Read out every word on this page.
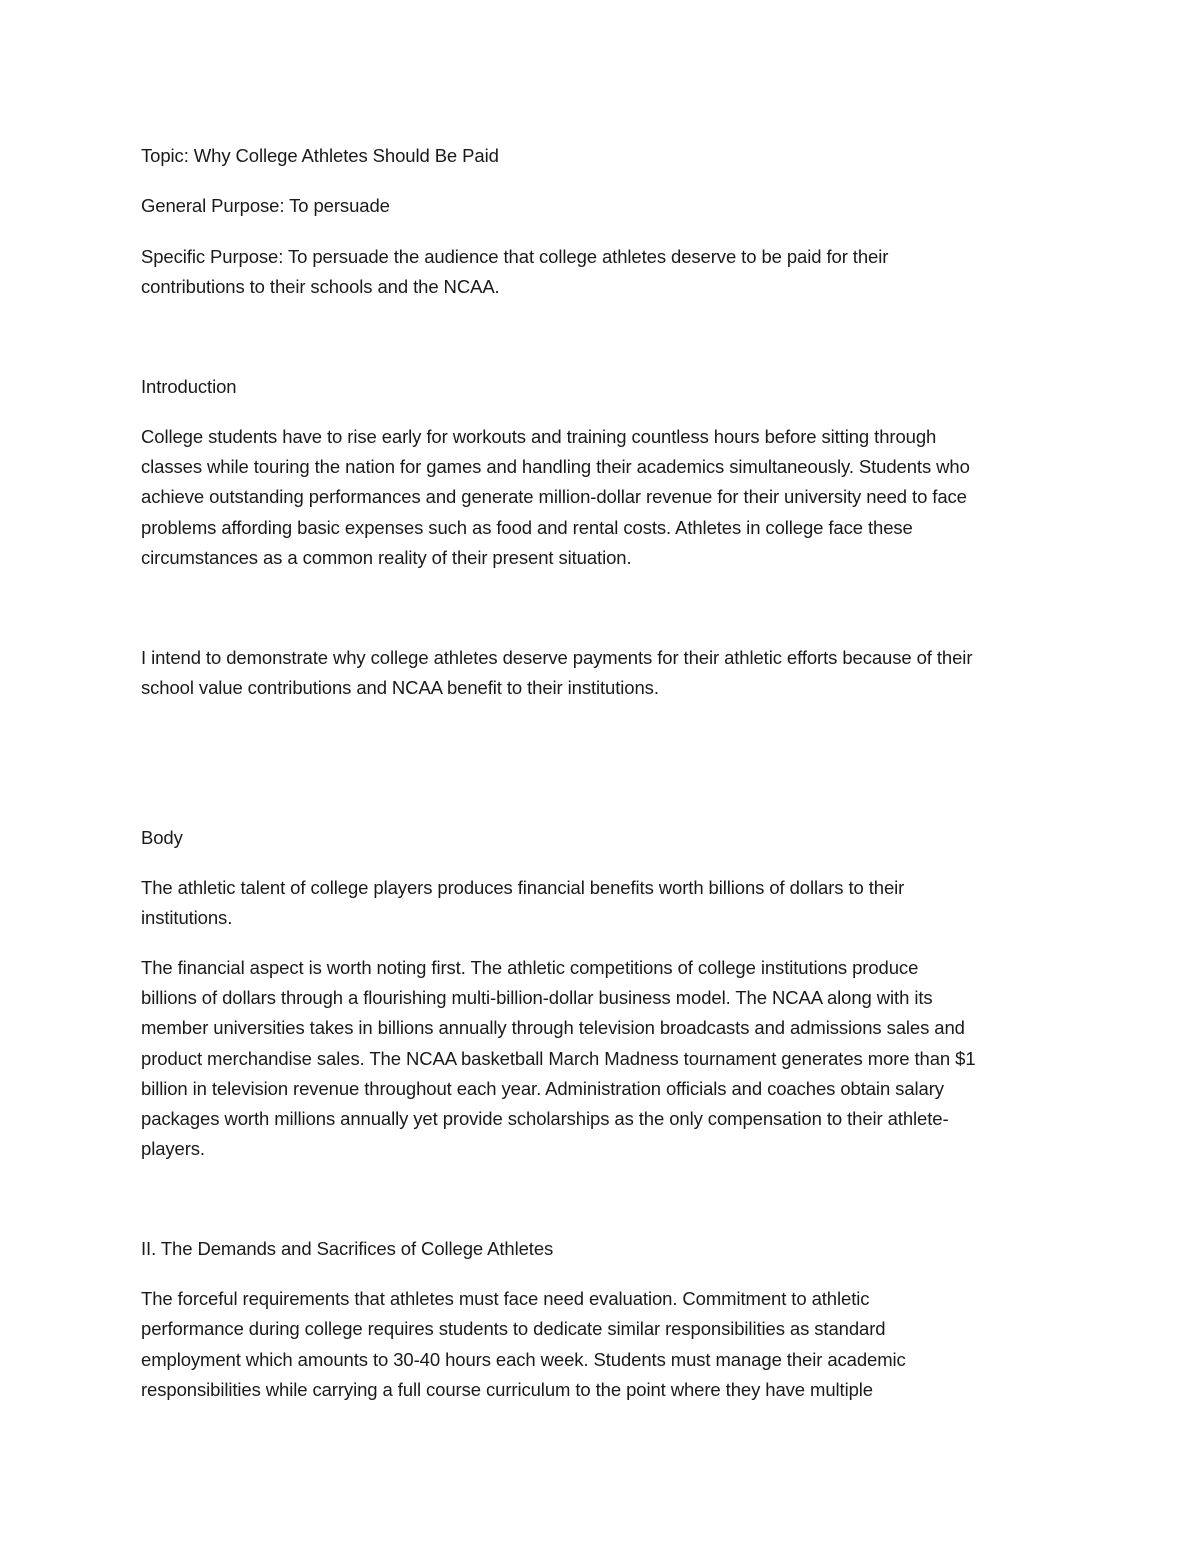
Topic: Why College Athletes Should Be Paid
General Purpose: To persuade
Specific Purpose: To persuade the audience that college athletes deserve to be paid for their
contributions to their schools and the NCAA.
Introduction
College students have to rise early for workouts and training countless hours before sitting through
classes while touring the nation for games and handling their academics simultaneously. Students who
achieve outstanding performances and generate million-dollar revenue for their university need to face
problems affording basic expenses such as food and rental costs. Athletes in college face these
circumstances as a common reality of their present situation.
I intend to demonstrate why college athletes deserve payments for their athletic efforts because of their
school value contributions and NCAA benefit to their institutions.
Body
The athletic talent of college players produces financial benefits worth billions of dollars to their
institutions.
The financial aspect is worth noting first. The athletic competitions of college institutions produce
billions of dollars through a flourishing multi-billion-dollar business model. The NCAA along with its
member universities takes in billions annually through television broadcasts and admissions sales and
product merchandise sales. The NCAA basketball March Madness tournament generates more than $1
billion in television revenue throughout each year. Administration officials and coaches obtain salary
packages worth millions annually yet provide scholarships as the only compensation to their athlete-
players.
II. The Demands and Sacrifices of College Athletes
The forceful requirements that athletes must face need evaluation. Commitment to athletic
performance during college requires students to dedicate similar responsibilities as standard
employment which amounts to 30-40 hours each week. Students must manage their academic
responsibilities while carrying a full course curriculum to the point where they have multiple
